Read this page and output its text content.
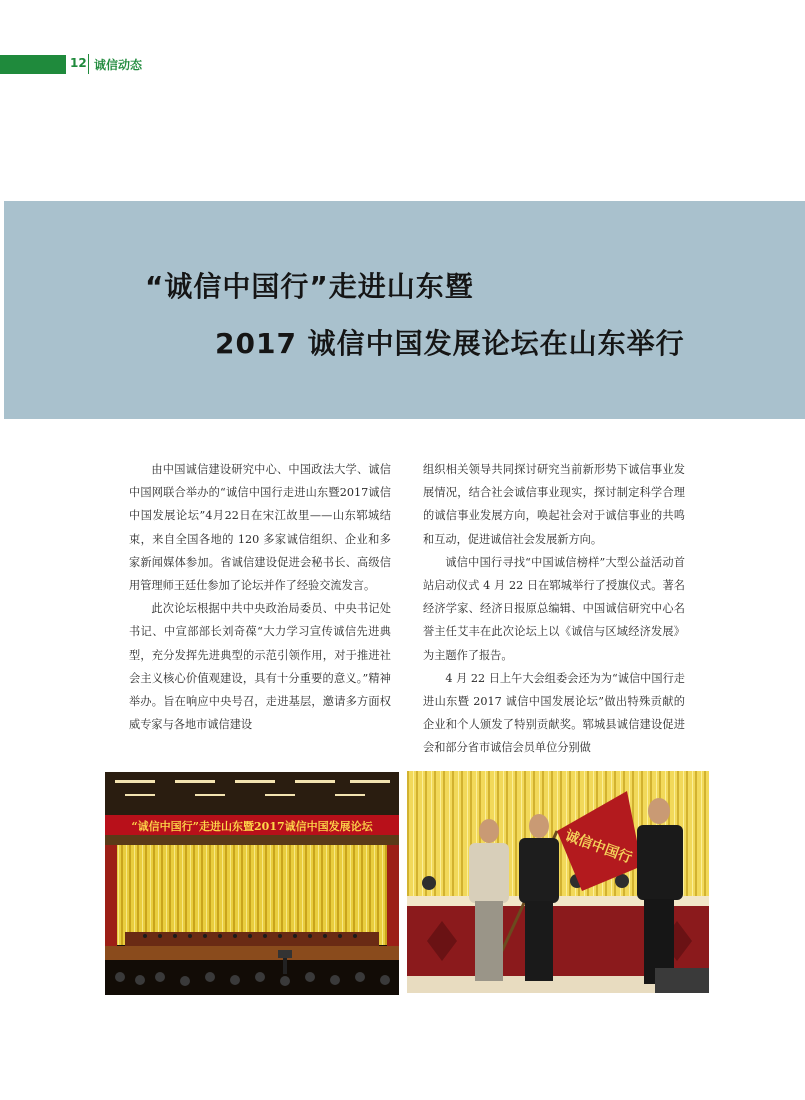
12 诚信动态
“诚信中国行”走进山东暨
2017 诚信中国发展论坛在山东举行

由中国诚信建设研究中心、中国政法大学、诚信中国网联合举办的“诚信中国行走进山东暨2017诚信中国发展论坛”4月22日在宋江故里——山东郓城结束，来自全国各地的 120 多家诚信组织、企业和多家新闻媒体参加。省诚信建设促进会秘书长、高级信用管理师王廷仕参加了论坛并作了经验交流发言。

此次论坛根据中共中央政治局委员、中央书记处书记、中宣部部长刘奇葆“大力学习宣传诚信先进典型，充分发挥先进典型的示范引领作用，对于推进社会主义核心价值观建设，具有十分重要的意义。”精神举办。旨在响应中央号召，走进基层，邀请多方面权威专家与各地市诚信建设

组织相关领导共同探讨研究当前新形势下诚信事业发展情况，结合社会诚信事业现实，探讨制定科学合理的诚信事业发展方向，唤起社会对于诚信事业的共鸣和互动，促进诚信社会发展新方向。

诚信中国行寻找“中国诚信榜样”大型公益活动首站启动仪式 4 月 22 日在郓城举行了授旗仪式。著名经济学家、经济日报原总编辑、中国诚信研究中心名誉主任艾丰在此次论坛上以《诚信与区域经济发展》为主题作了报告。

4 月 22 日上午大会组委会还为为“诚信中国行走进山东暨 2017 诚信中国发展论坛”做出特殊贡献的企业和个人颁发了特别贡献奖。郓城县诚信建设促进会和部分省市诚信会员单位分别做

“诚信中国行”走进山东暨2017诚信中国发展论坛
诚信中国行
